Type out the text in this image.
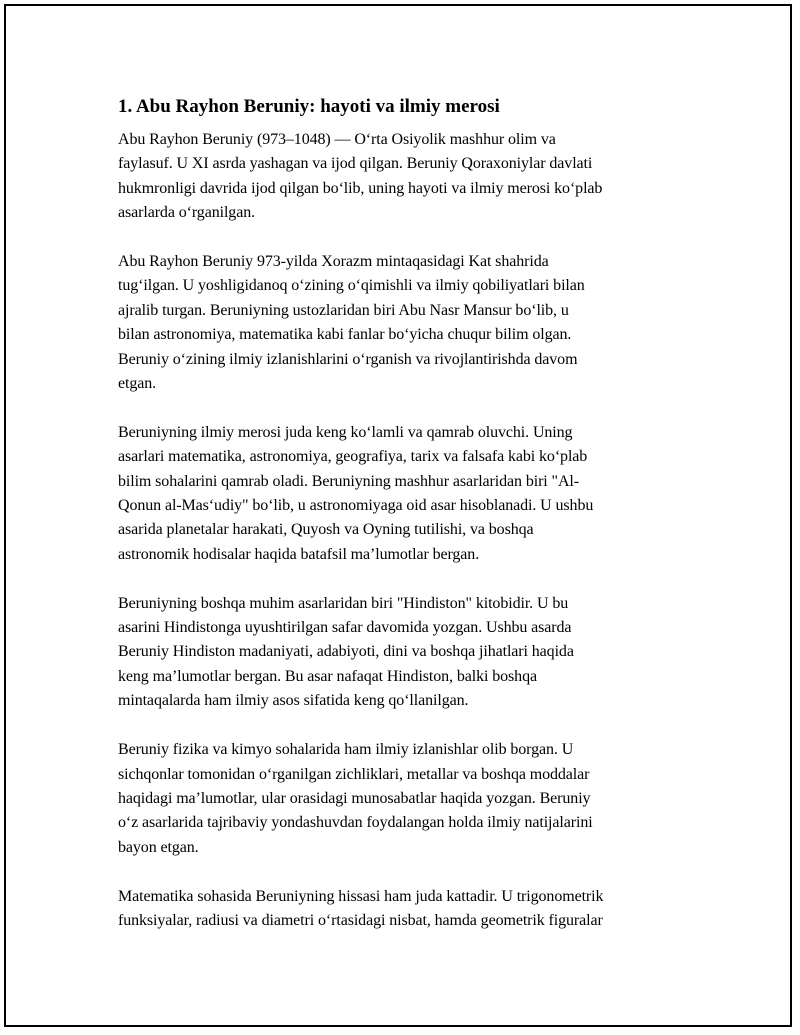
1. Abu Rayhon Beruniy: hayoti va ilmiy merosi

Abu Rayhon Beruniy (973–1048) — O‘rta Osiyolik mashhur olim va
faylasuf. U XI asrda yashagan va ijod qilgan. Beruniy Qoraxoniylar davlati
hukmronligi davrida ijod qilgan bo‘lib, uning hayoti va ilmiy merosi ko‘plab
asarlarda o‘rganilgan.

Abu Rayhon Beruniy 973-yilda Xorazm mintaqasidagi Kat shahrida
tug‘ilgan. U yoshligidanoq o‘zining o‘qimishli va ilmiy qobiliyatlari bilan
ajralib turgan. Beruniyning ustozlaridan biri Abu Nasr Mansur bo‘lib, u
bilan astronomiya, matematika kabi fanlar bo‘yicha chuqur bilim olgan.
Beruniy o‘zining ilmiy izlanishlarini o‘rganish va rivojlantirishda davom
etgan.

Beruniyning ilmiy merosi juda keng ko‘lamli va qamrab oluvchi. Uning
asarlari matematika, astronomiya, geografiya, tarix va falsafa kabi ko‘plab
bilim sohalarini qamrab oladi. Beruniyning mashhur asarlaridan biri "Al-
Qonun al-Mas‘udiy" bo‘lib, u astronomiyaga oid asar hisoblanadi. U ushbu
asarida planetalar harakati, Quyosh va Oyning tutilishi, va boshqa
astronomik hodisalar haqida batafsil ma’lumotlar bergan.

Beruniyning boshqa muhim asarlaridan biri "Hindiston" kitobidir. U bu
asarini Hindistonga uyushtirilgan safar davomida yozgan. Ushbu asarda
Beruniy Hindiston madaniyati, adabiyoti, dini va boshqa jihatlari haqida
keng ma’lumotlar bergan. Bu asar nafaqat Hindiston, balki boshqa
mintaqalarda ham ilmiy asos sifatida keng qo‘llanilgan.

Beruniy fizika va kimyo sohalarida ham ilmiy izlanishlar olib borgan. U
sichqonlar tomonidan o‘rganilgan zichliklari, metallar va boshqa moddalar
haqidagi ma’lumotlar, ular orasidagi munosabatlar haqida yozgan. Beruniy
o‘z asarlarida tajribaviy yondashuvdan foydalangan holda ilmiy natijalarini
bayon etgan.

Matematika sohasida Beruniyning hissasi ham juda kattadir. U trigonometrik
funksiyalar, radiusi va diametri o‘rtasidagi nisbat, hamda geometrik figuralar
